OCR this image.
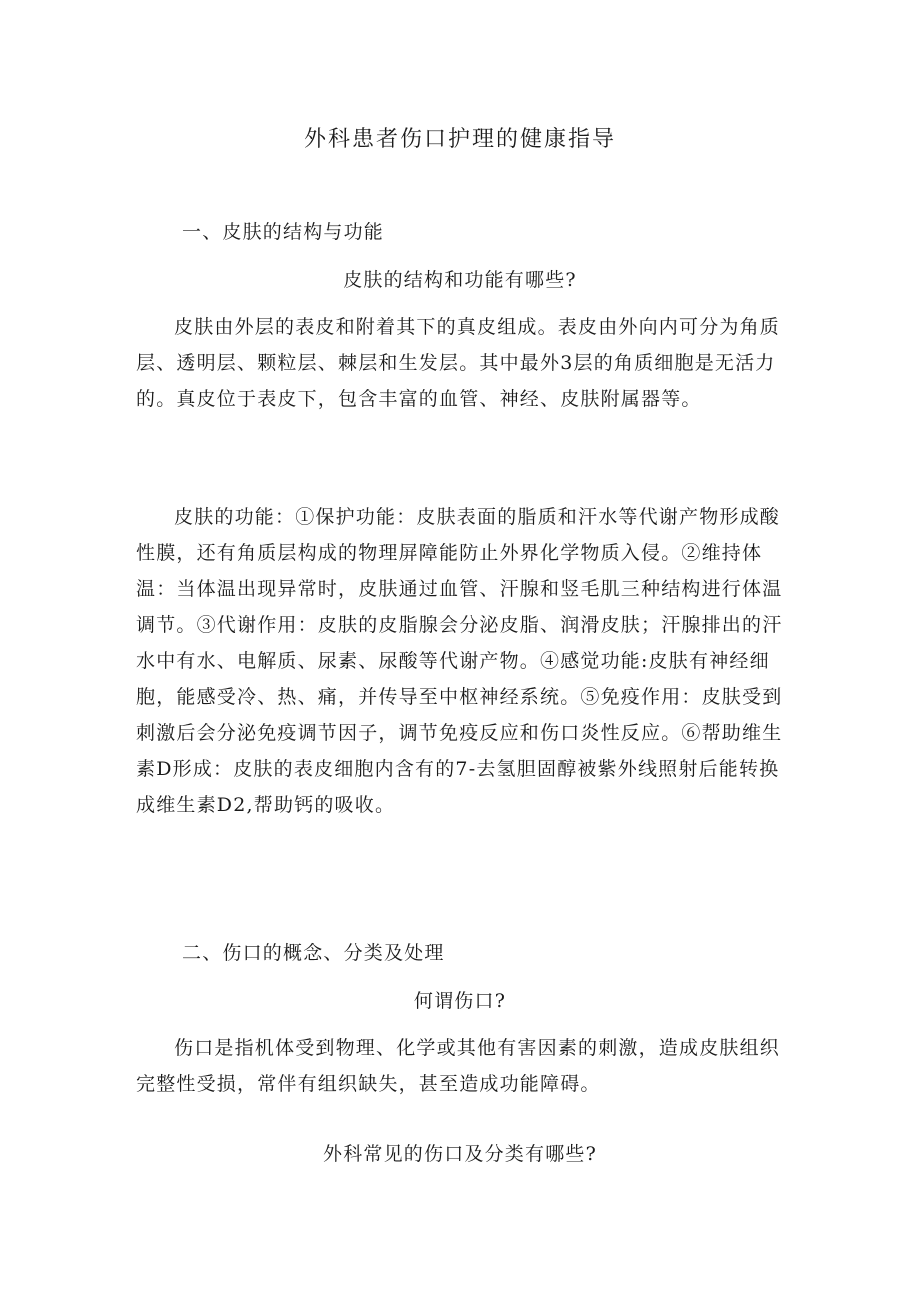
外科患者伤口护理的健康指导
一、皮肤的结构与功能
皮肤的结构和功能有哪些?

皮肤由外层的表皮和附着其下的真皮组成。表皮由外向内可分为角质层、透明层、颗粒层、棘层和生发层。其中最外3层的角质细胞是无活力的。真皮位于表皮下，包含丰富的血管、神经、皮肤附属器等。

皮肤的功能：①保护功能：皮肤表面的脂质和汗水等代谢产物形成酸性膜，还有角质层构成的物理屏障能防止外界化学物质入侵。②维持体温：当体温出现异常时，皮肤通过血管、汗腺和竖毛肌三种结构进行体温调节。③代谢作用：皮肤的皮脂腺会分泌皮脂、润滑皮肤；汗腺排出的汗水中有水、电解质、尿素、尿酸等代谢产物。④感觉功能:皮肤有神经细胞，能感受冷、热、痛，并传导至中枢神经系统。⑤免疫作用：皮肤受到刺激后会分泌免疫调节因子，调节免疫反应和伤口炎性反应。⑥帮助维生素D形成：皮肤的表皮细胞内含有的7-去氢胆固醇被紫外线照射后能转换成维生素D2,帮助钙的吸收。

二、伤口的概念、分类及处理
何谓伤口?

伤口是指机体受到物理、化学或其他有害因素的刺激，造成皮肤组织完整性受损，常伴有组织缺失，甚至造成功能障碍。

外科常见的伤口及分类有哪些?
